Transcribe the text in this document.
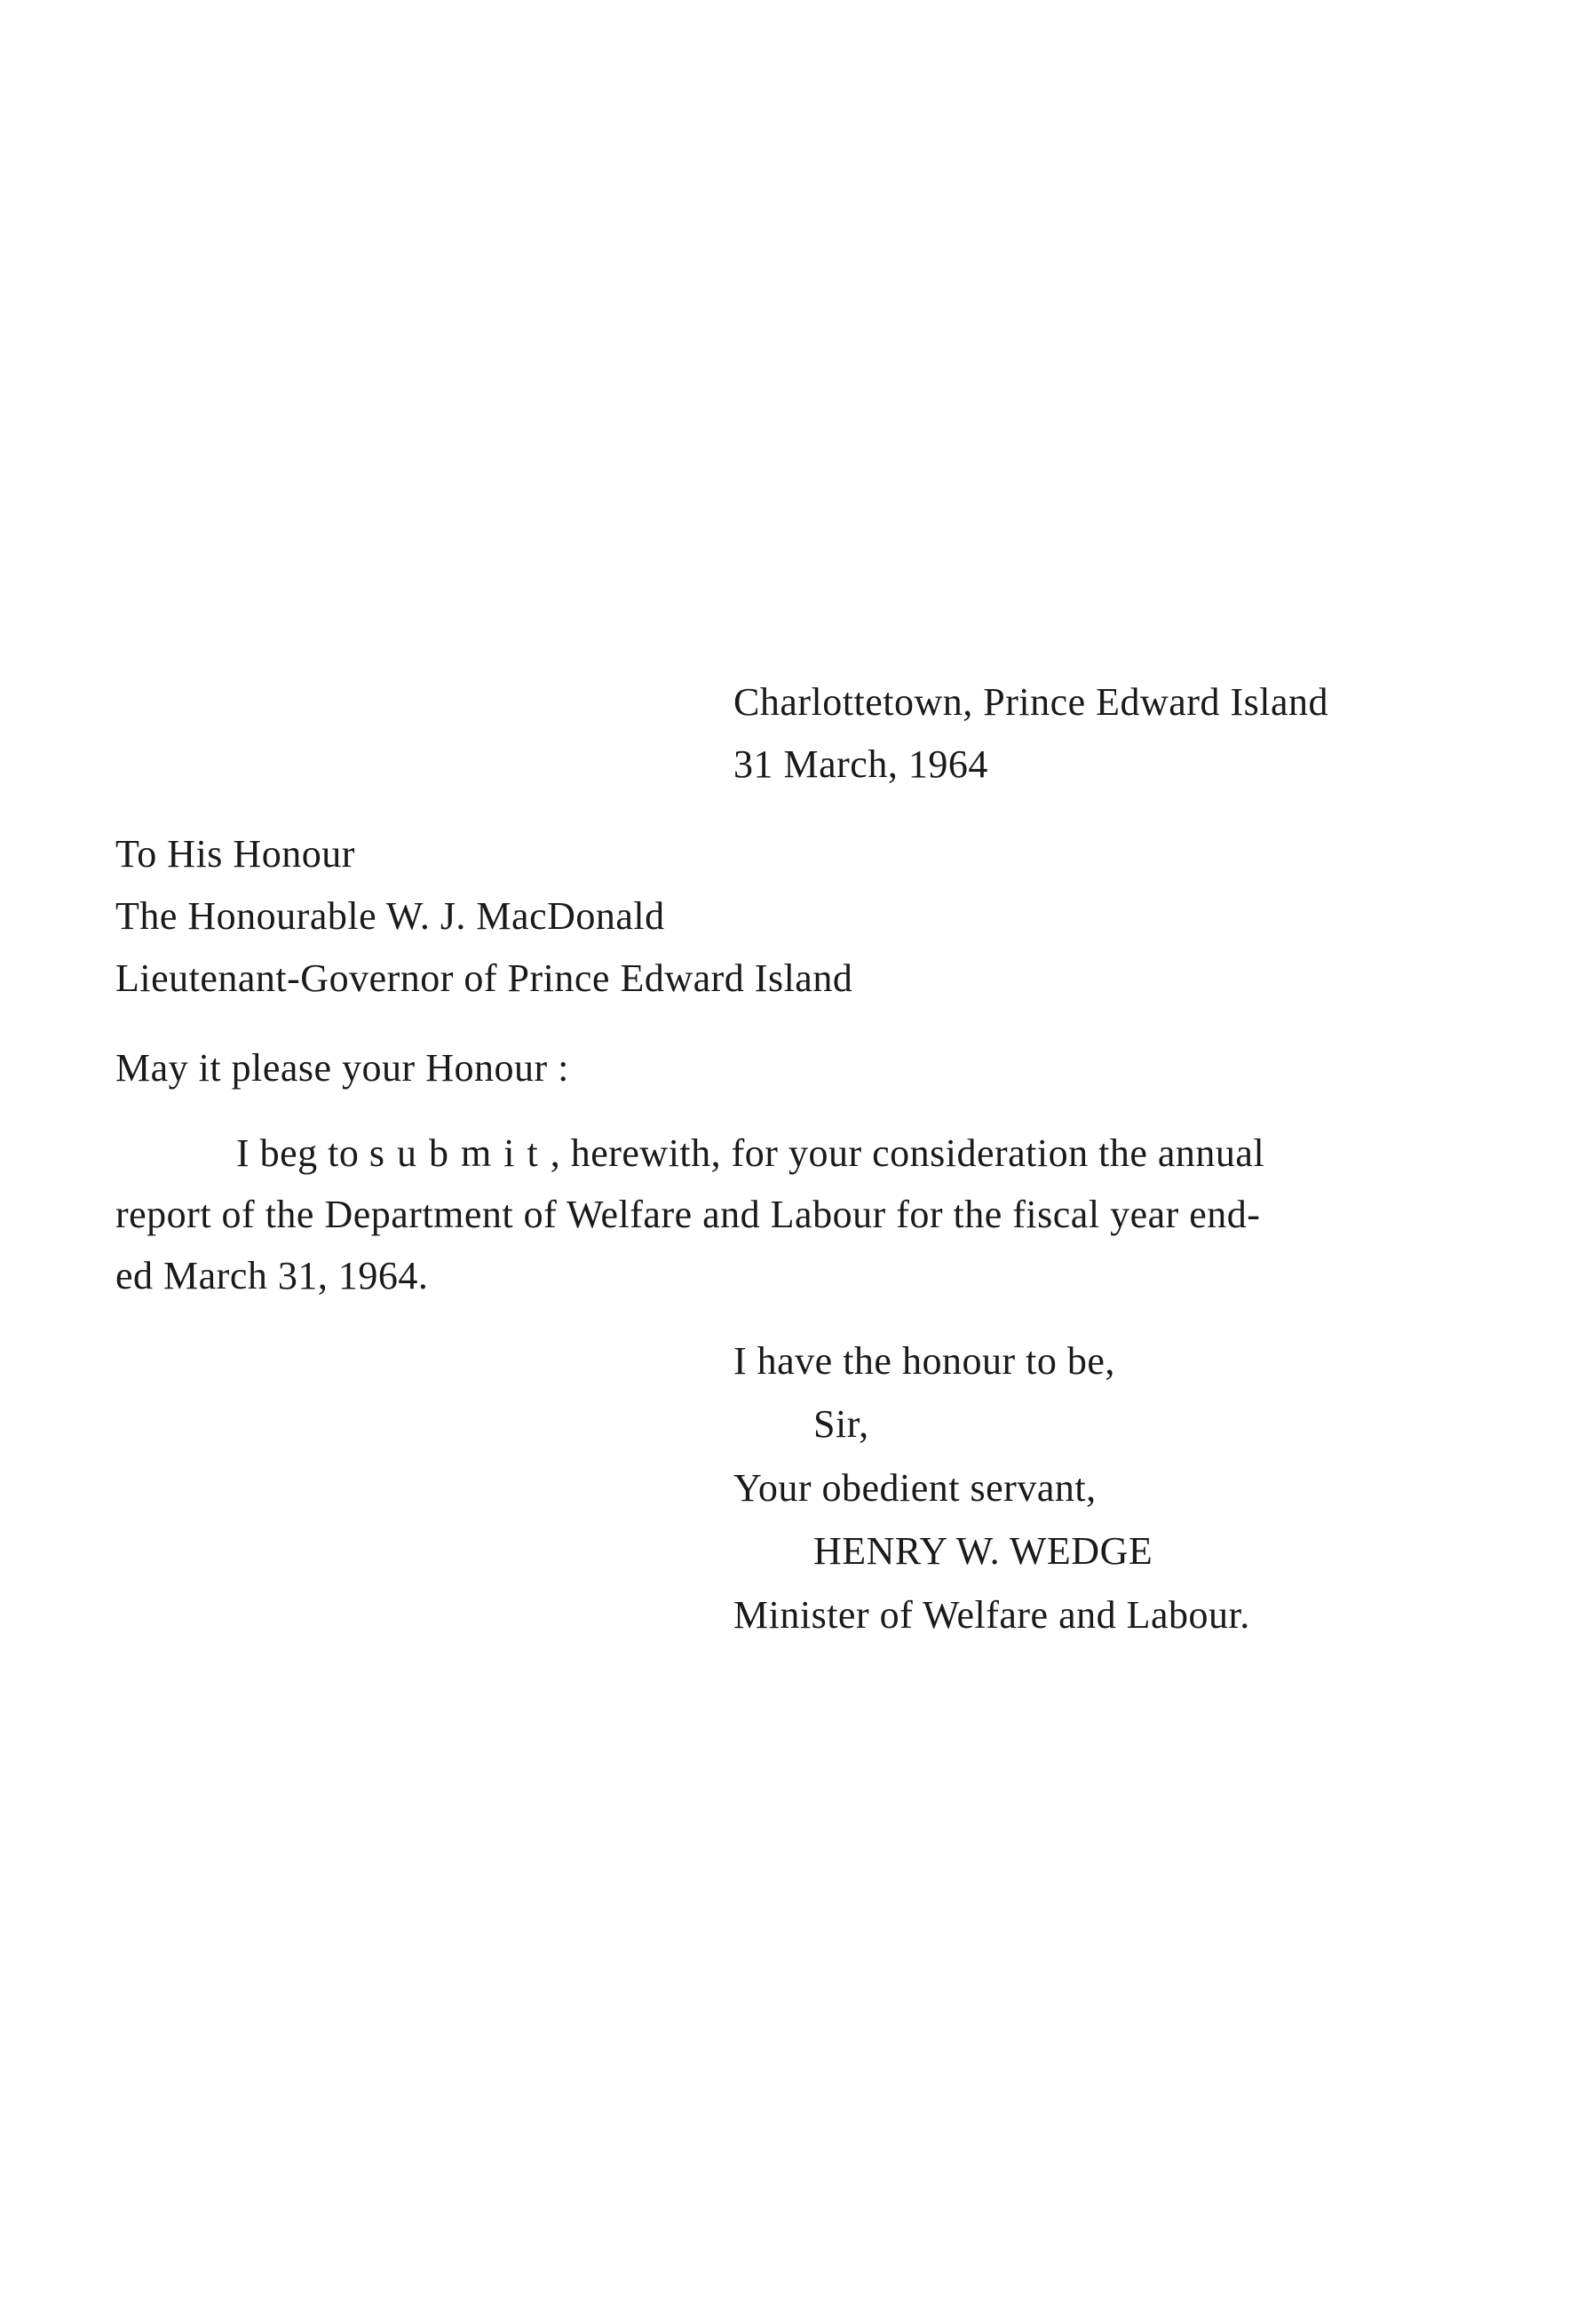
Charlottetown, Prince Edward Island
31 March, 1964
To His Honour
The Honourable W. J. MacDonald
Lieutenant-Governor of Prince Edward Island
May it please your Honour :
I beg to submit, herewith, for your consideration the annual
report of the Department of Welfare and Labour for the fiscal year end-
ed March 31, 1964.
I have the honour to be,
Sir,
Your obedient servant,
HENRY W. WEDGE
Minister of Welfare and Labour.
